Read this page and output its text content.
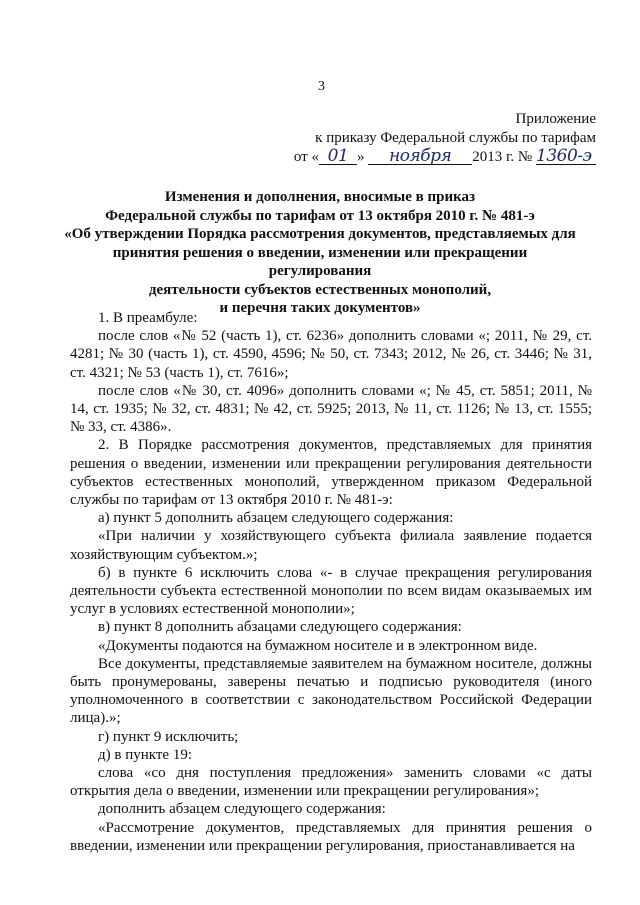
3
Приложение
к приказу Федеральной службы по тарифам
от « 01 » ноября 2013 г. № 1360-э
Изменения и дополнения, вносимые в приказ
Федеральной службы по тарифам от 13 октября 2010 г. № 481-э
«Об утверждении Порядка рассмотрения документов, представляемых для
принятия решения о введении, изменении или прекращении регулирования
деятельности субъектов естественных монополий,
и перечня таких документов»

1. В преамбуле:

после слов «№ 52 (часть 1), ст. 6236» дополнить словами «; 2011, № 29, ст. 4281; № 30 (часть 1), ст. 4590, 4596; № 50, ст. 7343; 2012, № 26, ст. 3446; № 31, ст. 4321; № 53 (часть 1), ст. 7616»;

после слов «№ 30, ст. 4096» дополнить словами «; № 45, ст. 5851; 2011, № 14, ст. 1935; № 32, ст. 4831; № 42, ст. 5925; 2013, № 11, ст. 1126; № 13, ст. 1555; № 33, ст. 4386».

2. В Порядке рассмотрения документов, представляемых для принятия решения о введении, изменении или прекращении регулирования деятельности субъектов естественных монополий, утвержденном приказом Федеральной службы по тарифам от 13 октября 2010 г. № 481-э:

а) пункт 5 дополнить абзацем следующего содержания:

«При наличии у хозяйствующего субъекта филиала заявление подается хозяйствующим субъектом.»;

б) в пункте 6 исключить слова «- в случае прекращения регулирования деятельности субъекта естественной монополии по всем видам оказываемых им услуг в условиях естественной монополии»;

в) пункт 8 дополнить абзацами следующего содержания:

«Документы подаются на бумажном носителе и в электронном виде.

Все документы, представляемые заявителем на бумажном носителе, должны быть пронумерованы, заверены печатью и подписью руководителя (иного уполномоченного в соответствии с законодательством Российской Федерации лица).»;

г) пункт 9 исключить;

д) в пункте 19:

слова «со дня поступления предложения» заменить словами «с даты открытия дела о введении, изменении или прекращении регулирования»;

дополнить абзацем следующего содержания:

«Рассмотрение документов, представляемых для принятия решения о введении, изменении или прекращении регулирования, приостанавливается на
